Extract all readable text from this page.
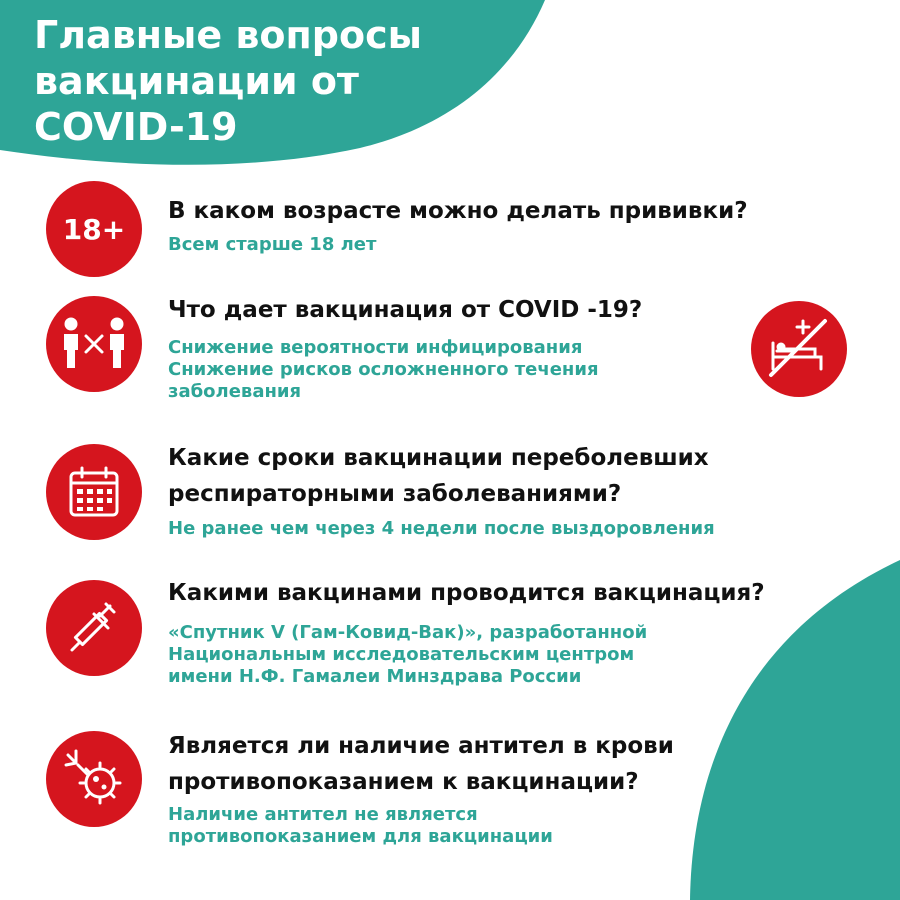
Главные вопросы
вакцинации от
COVID-19
18+
В каком возрасте можно делать прививки?

Всем старше 18 лет

Что дает вакцинация от COVID -19?

Снижение вероятности инфицирования
Снижение рисков осложненного течения
заболевания

Какие сроки вакцинации переболевших
респираторными заболеваниями?

Не ранее чем через 4 недели после выздоровления

Какими вакцинами проводится вакцинация?

«Спутник V (Гам-Ковид-Вак)», разработанной
Национальным исследовательским центром
имени Н.Ф. Гамалеи Минздрава России

Является ли наличие антител в крови
противопоказанием к вакцинации?

Наличие антител не является
противопоказанием для вакцинации
